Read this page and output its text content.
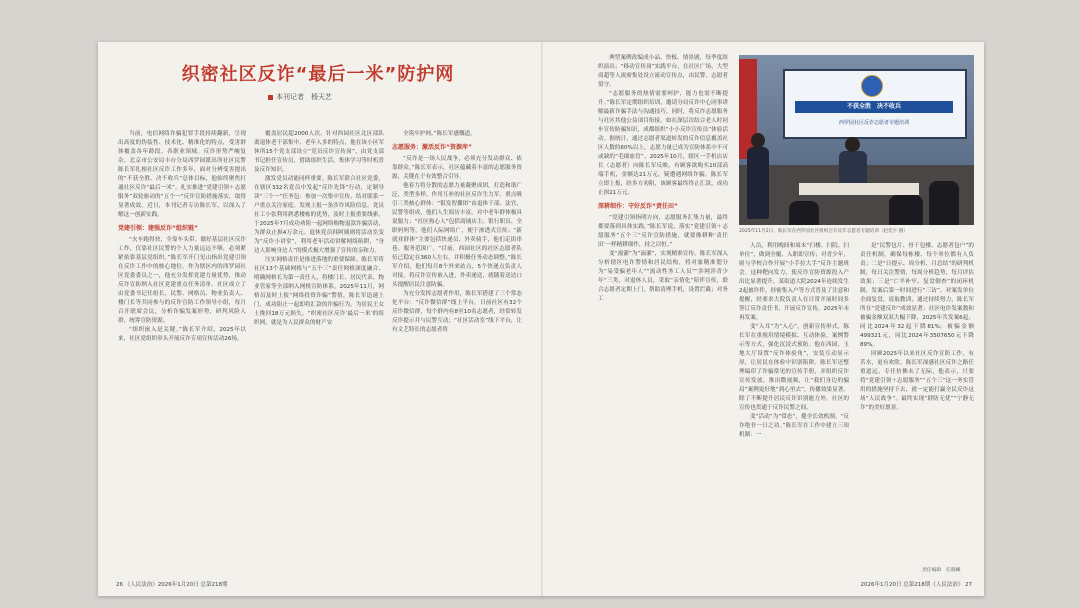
织密社区反诈“最后一米”防护网
本刊记者　杨天艺

当前，电信网络诈骗犯罪手段持续翻新，呈现出高度的伪装性、技术化、精准化的特点，受害群体覆盖各年龄段、各职业领域。反诈形势严峻复杂。北京市公安局丰台分局西罗园派出所社区民警陈长军扎根社区反诈工作多年，面对分辨受害提出的“不获全胜、决不收兵”总体目标，他始终聚焦打通社区反诈“最后一米”。扎实推进“党建引领＋志愿服务”双轮驱动的“五个一”反诈宣防措施落实，取得显著成效。近日，本刊记者专访陈长军，以深入了解这一创新实践。

党建引领：建强反诈“组织链”

“火车跑得快，全靠车头带。做好基层社区反诈工作，仅靠社区民警的个人力量远远不够，必须紧紧依靠基层党组织。”陈长军开门见山指出党建引领在反诈工作中的核心地位。作为辖区内的西罗园社区党委委员之一，他充分发挥党建力量优势，推动反诈宣防纳入社区党建重点任务清单。社区成立了由党委书记任组长，民警、网格员、物业负责人、楼门长等共同参与的反诈宣防工作领导小组，每月召开联席会议，分析诈骗发案形势，研判风险人群，统筹宣防资源。

“组织嵌入是关键。”陈长军介绍，2025年以来，社区党组织牵头开展反诈专项宣传活动26场，

覆盖居民超2000人次。针对西园社区北区部队离退休老干部集中、老年人多的特点，他在该小区军休所15个党支部设立“党员反诈宣传岗”，由党支部书记担任宣传员，借助组织生活、集体学习等时机普及反诈知识。

激发党员动能同样重要。陈长军联合社区党委，在辖区332名党员中发起“反诈先锋”行动，定制导读“三个一”任务包：参加一次集中宣传、结对联系一户重点关注家庭、发现上报一条涉诈风险信息。党员社工小张利用熟悉楼栋的优势，及时上报重要线索，于2025年7月成功劝阻一起网络购物退款诈骗活动，为群众止损4万余元。退休党员韩阿姨则将活动室变为“反诈小讲堂”，利用老年活动讲解网络陷阱，“身边人影响身边人”的模式极大增强了宣传的亲和力。

压实网格责任是推进落地的重要保障。陈长军将社区13个基础网格与“五个三”责任网格深度融合，明确网格长为第一责任人，将楼门长、居民代表、物业管家等全部纳入网格宣防体系。2025年11月，网格员及时上报“网络投资诈骗”警情，陈长军迅速上门，成功阻止一起即将汇款的诈骗行为。为居民王女士挽回18万元损失。“织密社区反诈‘最后一米’的组织网，就是为人民群众的财产安

全筑牢护网。”陈长军感慨道。

志愿服务：激活反诈“资源库”

“反诈是一场人民战争，必须充分发动群众、依靠群众。”陈长军表示，社区蕴藏着丰富的志愿服务资源，关键在于有效整合引导。

他着力将分散的志愿力量凝聚成团，打造和谐广泛、类型多样、作用互补的社区反诈生力军。重点吸引三类核心群体：“银发智囊团”由退休干部、法官、民警等组成，他们人生阅历丰富，对中老年群体极具说服力；“社区热心人”包括商铺店主、银行职员、全职妈妈等，他们人际网络广，便于渗透式宣传；“新就业群体”主要包括快递员、外卖骑手，他们走街串巷、服务范围广。“目前，西园社区的社区志愿者队伍已稳定在360人左右，并积极任务动态调整。”陈长军介绍，他们每月8个外来站点，5个快递点负责人对接，将反诈宣传嵌入进，外卖递送，就随着送达口头提醒居民注意防骗。

为充分发挥志愿者作用，陈长军搭建了三个常态化平台：“反诈微信群”线上平台，日前社区有32个反诈微信群，每个群内有8至10名志愿者，经常转发反诈提示并与民警互动；“社区活动室”线下平台，让有文艺特长的志愿者将

典型案例改编成小品、快板、情景剧，每季度组织演出；“移动宣传岗”实践平台，在社区广场、大型商超等人流密集处设立流动宣传点，由民警、志愿者值守。

“志愿服务的热情需要呵护，能力也需不断提升。”陈长军定期组织培训，邀请分局反诈中心同事讲解最新诈骗手法与沟通技巧。同时，将反诈志愿服务与社区其他公益项目衔接，如在深层次结合老人时同步宣传防骗知识，成都组织“小小反诈宣传员”体验活动。据统计，通过志愿者渠道转发的反诈信息覆盖社区人数的60%以上，志愿力量已成为宣防体系中不可或缺的“毛细血管”。2025年10月，辖区一手机店店长（志愿者）向陈长军反映，有顾客欲购买10部高端手机，金额达21万元，疑遭遇网络诈骗。陈长军立即上报，经多方劝阻，该顾客最终终止汇款，成功止损21万元。

深耕细作：守好反诈“责任田”

“党建引领指明方向，志愿服务汇集力量，最终都要落到具体实践。”陈长军说，落实“党建引领＋志愿服务”五个三“反诈宣防措施，就要像耕种‘责任田’一样精耕细作，持之以恒。”

变“漫灌”为“滴灌”，实现精准宣传。陈长军深入分析辖区电诈警情和居民结构，将对象精准划分为“易受骗老年人”“流动性务工人员”“涉网涉青少年”三类，对退休人员，采取“亲情化”陪伴宣传，联合志愿者定期上门，帮助清理手机，设置拦截；对务工

人员，利用晚间和周末“扫楼、扫院、扫单位”，做到全覆、入职即宣传；对青少年，则与学校合作开展“小手拉大手”反诈主题班会。这种靶向发力，使反诈宣防资源投入产出比显著提升。某街道大院2024年连续发生2起被诈件，经密集入户等方式普及了注意和提醒，经要求大院负责人在日常开展时间多签订反诈责任书，开展反诈宣传，2025年未再发案。

变“入耳”为“入心”，创新宣传形式。陈长军在重视用情境模拟、互动体验，案例警示等方式，强化沉浸式预防。他在西园、玉地大厅设置“反诈体验角”，安装互动显示屏，让居民在体验中识别陷阱。陈长军还整理编印了诈骗常见的宣传手册，并组织反诈宣传发放。推出微视频，让“我们身边的骗局”案例更好地“到心里去”，传播效果显著。除了不断提升居民反诈识别能力外，社区的宣传也贯通于反诈民警之间。

变“活动”为“常态”，健全长效机制。“反诈绝非一日之功。”陈长军在工作中建立三项机制：一

是“民警包片、骨干包楼、志愿者包户”的责任机制，确保每栋楼、每个单位都有人负责；二是“日提示、周分析、月总结”的研判机制，每日关注警情，每周分析趋势，每月评估效果；三是“亡羊补牢、复盘倒查”的闭环机制，发案后第一时间进行“三访”，对案发单位全面复盘，说取教训，通过持续努力，陈长军所在“党建反诈”成效显著；社区电诈发案数和被骗金额双双大幅下降，2025年共发案6起，同比2024年32起下降81%；被骗金额499321元，同比2024年3507650元下降89%。

回顾2025年以来社区反诈宣防工作，有苦水，更有欢欣。陈长军深感社区反诈之路任重道远，专任仿佛未了无际，他表示，只要将“党建引领＋志愿服务”“五个三”这一务实管用的措施坚持下去，就一定能打赢全民反诈这场“人民战争”，最终实现“群防无忧”“宁静无诈”的美好愿景。

不获全胜　决不收兵
西罗园社区反诈志愿者专题培训
2025年11月2日，陈长军在西罗园社区组织召开反诈志愿者专题培训（赵佳宇 摄）
责任编辑　任晓曦
26 《人民法治》2026年1月20日 总第218期	2026年1月20日 总第218期《人民法治》 27
